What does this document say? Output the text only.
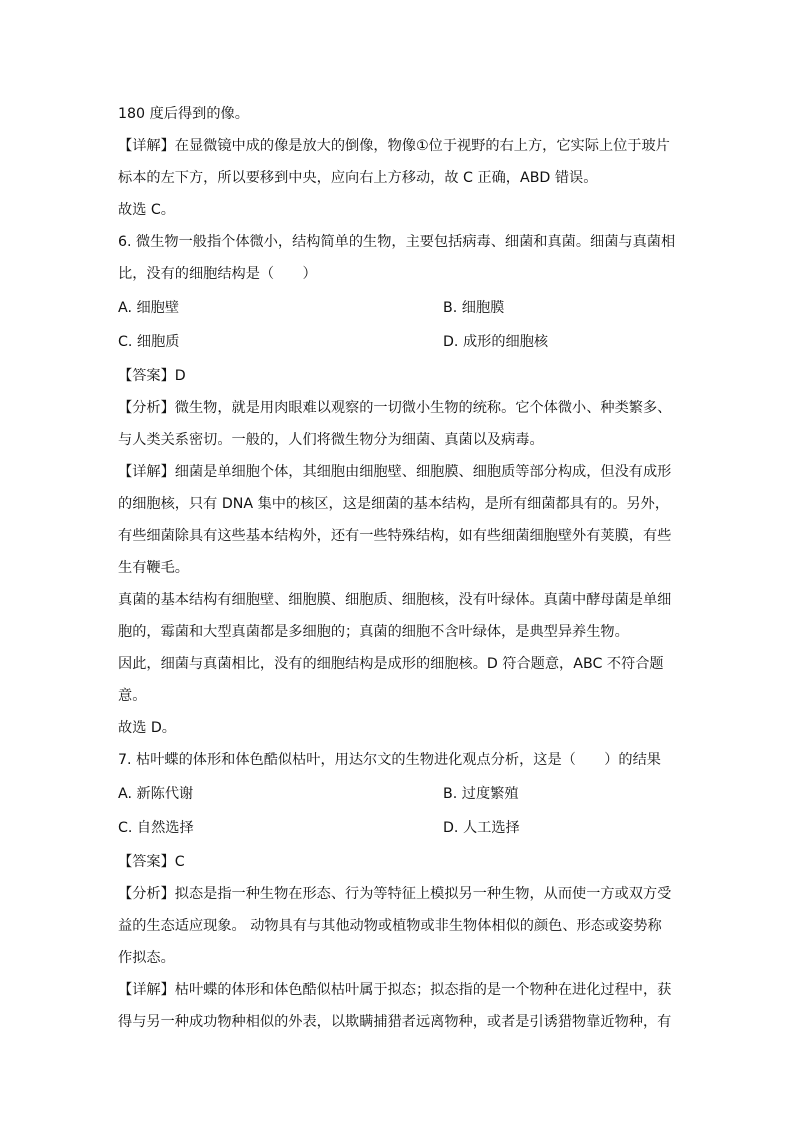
180 度后得到的像。
【详解】在显微镜中成的像是放大的倒像，物像①位于视野的右上方，它实际上位于玻片
标本的左下方，所以要移到中央，应向右上方移动，故 C 正确，ABD 错误。
故选 C。
6. 微生物一般指个体微小，结构简单的生物，主要包括病毒、细菌和真菌。细菌与真菌相
比，没有的细胞结构是（　　）
A. 细胞壁	B. 细胞膜
C. 细胞质	D. 成形的细胞核
【答案】D
【分析】微生物，就是用肉眼难以观察的一切微小生物的统称。它个体微小、种类繁多、
与人类关系密切。一般的，人们将微生物分为细菌、真菌以及病毒。
【详解】细菌是单细胞个体，其细胞由细胞壁、细胞膜、细胞质等部分构成，但没有成形
的细胞核，只有 DNA 集中的核区，这是细菌的基本结构，是所有细菌都具有的。另外，
有些细菌除具有这些基本结构外，还有一些特殊结构，如有些细菌细胞壁外有荚膜，有些
生有鞭毛。
真菌的基本结构有细胞壁、细胞膜、细胞质、细胞核，没有叶绿体。真菌中酵母菌是单细
胞的，霉菌和大型真菌都是多细胞的；真菌的细胞不含叶绿体，是典型异养生物。
因此，细菌与真菌相比，没有的细胞结构是成形的细胞核。D 符合题意，ABC 不符合题
意。
故选 D。
7. 枯叶蝶的体形和体色酷似枯叶，用达尔文的生物进化观点分析，这是（　　）的结果
A. 新陈代谢	B. 过度繁殖
C. 自然选择	D. 人工选择
【答案】C
【分析】拟态是指一种生物在形态、行为等特征上模拟另一种生物，从而使一方或双方受
益的生态适应现象。 动物具有与其他动物或植物或非生物体相似的颜色、形态或姿势称
作拟态。
【详解】枯叶蝶的体形和体色酷似枯叶属于拟态；拟态指的是一个物种在进化过程中，获
得与另一种成功物种相似的外表，以欺瞒捕猎者远离物种，或者是引诱猎物靠近物种，有
